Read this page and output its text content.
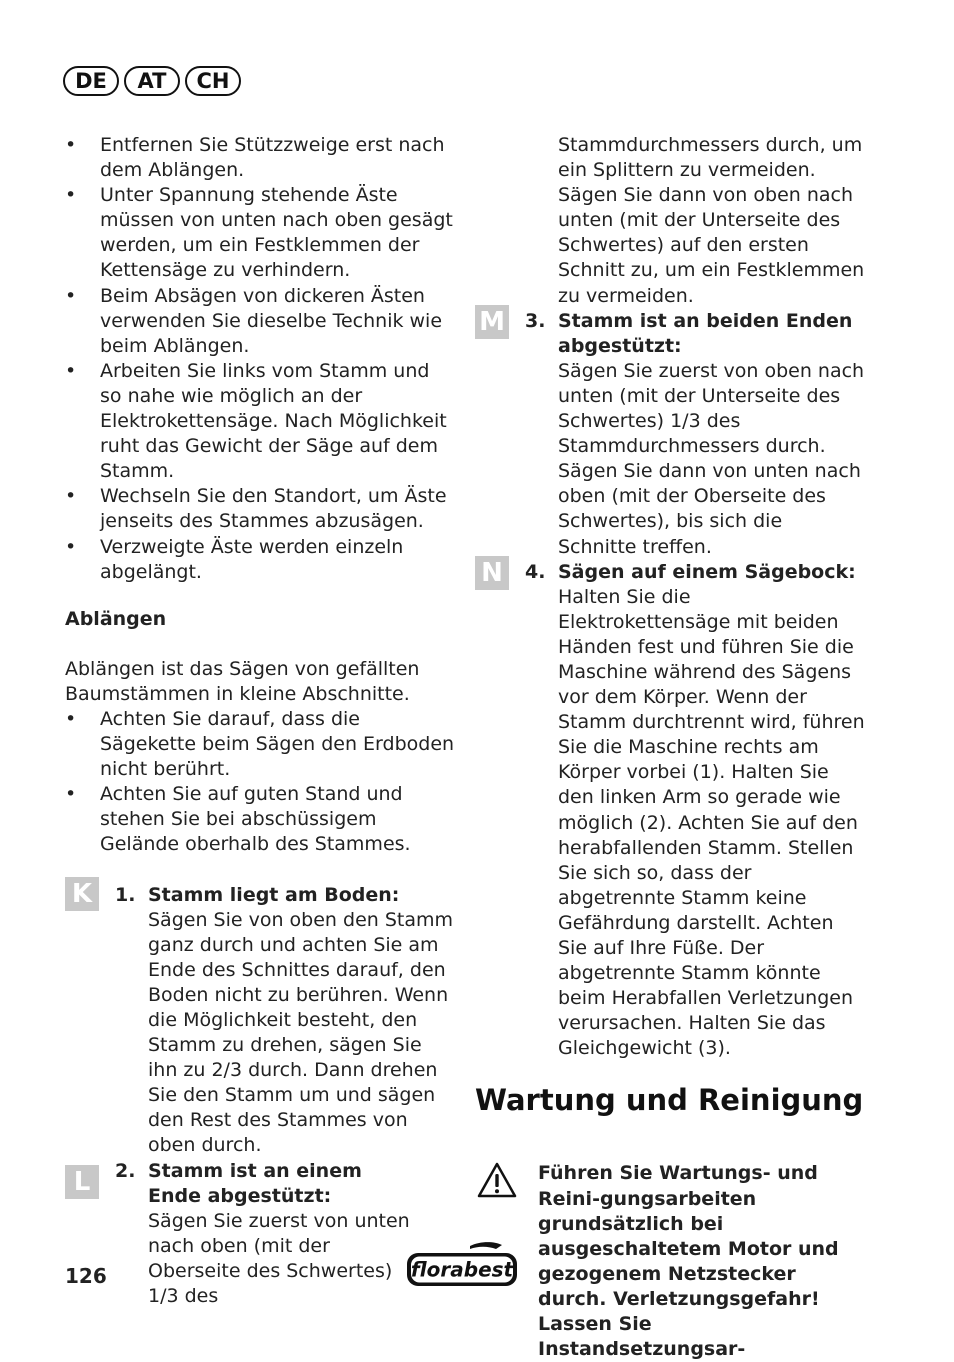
DE	AT	CH

• Entfernen Sie Stützzweige erst nach dem Ablängen.

• Unter Spannung stehende Äste müssen von unten nach oben gesägt werden, um ein Festklemmen der Kettensäge zu verhindern.

• Beim Absägen von dickeren Ästen verwenden Sie dieselbe Technik wie beim Ablängen.

• Arbeiten Sie links vom Stamm und so nahe wie möglich an der Elektrokettensäge. Nach Möglichkeit ruht das Gewicht der Säge auf dem Stamm.

• Wechseln Sie den Standort, um Äste jenseits des Stammes abzusägen.

• Verzweigte Äste werden einzeln abgelängt.

Ablängen

Ablängen ist das Sägen von gefällten Baumstämmen in kleine Abschnitte.

• Achten Sie darauf, dass die Sägekette beim Sägen den Erdboden nicht berührt.

• Achten Sie auf guten Stand und stehen Sie bei abschüssigem Gelände oberhalb des Stammes.

K	1. Stamm liegt am Boden:
Sägen Sie von oben den Stamm ganz durch und achten Sie am Ende des Schnittes darauf, den Boden nicht zu berühren. Wenn die Möglichkeit besteht, den Stamm zu drehen, sägen Sie ihn zu 2/3 durch. Dann drehen Sie den Stamm um und sägen den Rest des Stammes von oben durch.
L	2. Stamm ist an einem Ende abgestützt:
Sägen Sie zuerst von unten nach oben (mit der Oberseite des Schwertes) 1/3 des
Stammdurchmessers durch, um ein Splittern zu vermeiden. Sägen Sie dann von oben nach unten (mit der Unterseite des Schwertes) auf den ersten Schnitt zu, um ein Festklemmen zu vermeiden.
M 3. Stamm ist an beiden Enden abgestützt:
Sägen Sie zuerst von oben nach unten (mit der Unterseite des Schwertes) 1/3 des Stammdurchmessers durch. Sägen Sie dann von unten nach oben (mit der Oberseite des Schwertes), bis sich die Schnitte treffen.
N	4. Sägen auf einem Sägebock:
Halten Sie die Elektrokettensäge mit beiden Händen fest und führen Sie die Maschine während des Sägens vor dem Körper. Wenn der Stamm durchtrennt wird, führen Sie die Maschine rechts am Körper vorbei (1). Halten Sie den linken Arm so gerade wie möglich (2). Achten Sie auf den herabfallenden Stamm. Stellen Sie sich so, dass der abgetrennte Stamm keine Gefährdung darstellt. Achten Sie auf Ihre Füße. Der abgetrennte Stamm könnte beim Herabfallen Verletzungen verursachen. Halten Sie das Gleichgewicht (3).
Wartung und Reinigung
Führen Sie Wartungs- und Reini-gungsarbeiten grundsätzlich bei ausgeschaltetem Motor und gezogenem Netzstecker durch. Verletzungsgefahr! Lassen Sie Instandsetzungsar-
126	florabest
